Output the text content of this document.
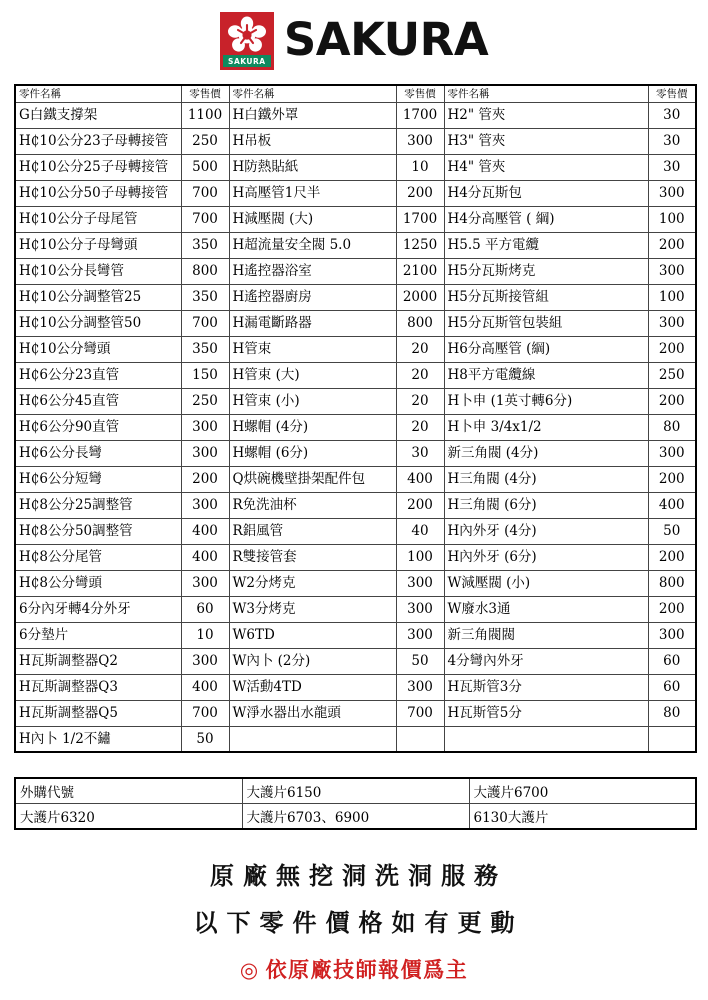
SAKURA SAKURA
零件名稱	零售價	零件名稱	零售價	零件名稱	零售價
G白鐵支撐架	1100	H白鐵外罩	1700	H2" 管夾	30
H₵10公分23子母轉接管	250	H吊板	300	H3" 管夾	30
H₵10公分25子母轉接管	500	H防熱貼紙	10	H4" 管夾	30
H₵10公分50子母轉接管	700	H高壓管1尺半	200	H4分瓦斯包	300
H₵10公分子母尾管	700	H減壓閥 (大)	1700	H4分高壓管 ( 綱)	100
H₵10公分子母彎頭	350	H超流量安全閥 5.0	1250	H5.5 平方電纜	200
H₵10公分長彎管	800	H遙控器浴室	2100	H5分瓦斯烤克	300
H₵10公分調整管25	350	H遙控器廚房	2000	H5分瓦斯接管組	100
H₵10公分調整管50	700	H漏電斷路器	800	H5分瓦斯管包裝組	300
H₵10公分彎頭	350	H管束	20	H6分高壓管 (綱)	200
H₵6公分23直管	150	H管束 (大)	20	H8平方電纜線	250
H₵6公分45直管	250	H管束 (小)	20	H卜申 (1英寸轉6分)	200
H₵6公分90直管	300	H螺帽 (4分)	20	H卜申 3/4x1/2	80
H₵6公分長彎	300	H螺帽 (6分)	30	新三角閥 (4分)	300
H₵6公分短彎	200	Q烘碗機壁掛架配件包	400	H三角閥 (4分)	200
H₵8公分25調整管	300	R免洗油杯	200	H三角閥 (6分)	400
H₵8公分50調整管	400	R鋁風管	40	H內外牙 (4分)	50
H₵8公分尾管	400	R雙接管套	100	H內外牙 (6分)	200
H₵8公分彎頭	300	W2分烤克	300	W減壓閥 (小)	800
6分內牙轉4分外牙	60	W3分烤克	300	W廢水3通	200
6分墊片	10	W6TD	300	新三角閥閥	300
H瓦斯調整器Q2	300	W內卜 (2分)	50	4分彎內外牙	60
H瓦斯調整器Q3	400	W活動4TD	300	H瓦斯管3分	60
H瓦斯調整器Q5	700	W淨水器出水龍頭	700	H瓦斯管5分	80
H內卜 1/2不鏽	50				
外購代號	大護片6150	大護片6700
大護片6320	大護片6703、6900	6130大護片
原廠無挖洞洗洞服務
以下零件價格如有更動
◎ 依原廠技師報價爲主
